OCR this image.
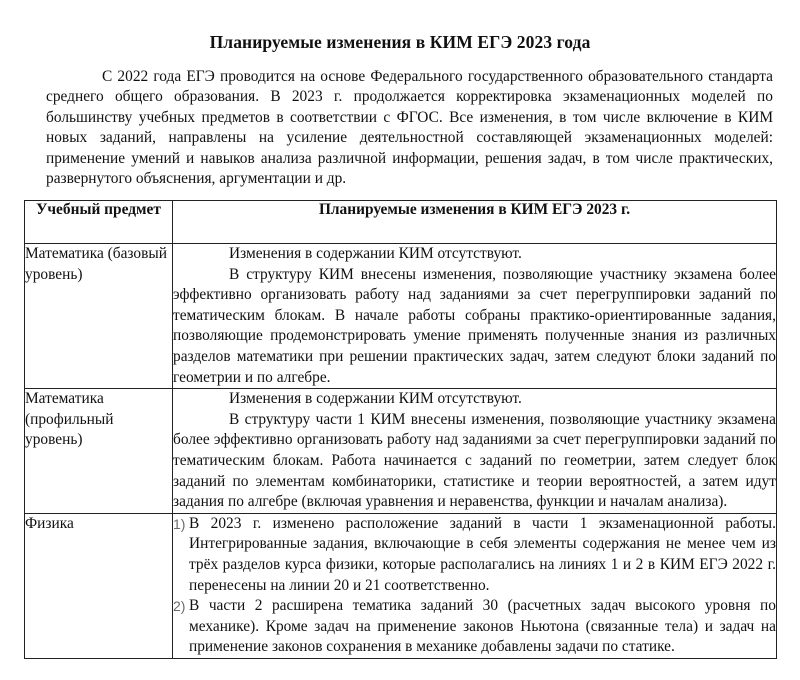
Планируемые изменения в КИМ ЕГЭ 2023 года

С 2022 года ЕГЭ проводится на основе Федерального государственного образовательного стандарта среднего общего образования. В 2023 г. продолжается корректировка экзаменационных моделей по большинству учебных предметов в соответствии с ФГОС. Все изменения, в том числе включение в КИМ новых заданий, направлены на усиление деятельностной составляющей экзаменационных моделей: применение умений и навыков анализа различной информации, решения задач, в том числе практических, развернутого объяснения, аргументации и др.

Учебный предмет	Планируемые изменения в КИМ ЕГЭ 2023 г.
Математика (базовый уровень)	Изменения в содержании КИМ отсутствуют.

В структуру КИМ внесены изменения, позволяющие участнику экзамена более эффективно организовать работу над заданиями за счет перегруппировки заданий по тематическим блокам. В начале работы собраны практико-ориентированные задания, позволяющие продемонстрировать умение применять полученные знания из различных разделов математики при решении практических задач, затем следуют блоки заданий по геометрии и по алгебре.

Математика (профильный уровень)	Изменения в содержании КИМ отсутствуют.

В структуру части 1 КИМ внесены изменения, позволяющие участнику экзамена более эффективно организовать работу над заданиями за счет перегруппировки заданий по тематическим блокам. Работа начинается с заданий по геометрии, затем следует блок заданий по элементам комбинаторики, статистике и теории вероятностей, а затем идут задания по алгебре (включая уравнения и неравенства, функции и началам анализа).

Физика	1) В 2023 г. изменено расположение заданий в части 1 экзаменационной работы. Интегрированные задания, включающие в себя элементы содержания не менее чем из трёх разделов курса физики, которые располагались на линиях 1 и 2 в КИМ ЕГЭ 2022 г. перенесены на линии 20 и 21 соответственно.
2) В части 2 расширена тематика заданий 30 (расчетных задач высокого уровня по механике). Кроме задач на применение законов Ньютона (связанные тела) и задач на применение законов сохранения в механике добавлены задачи по статике.
